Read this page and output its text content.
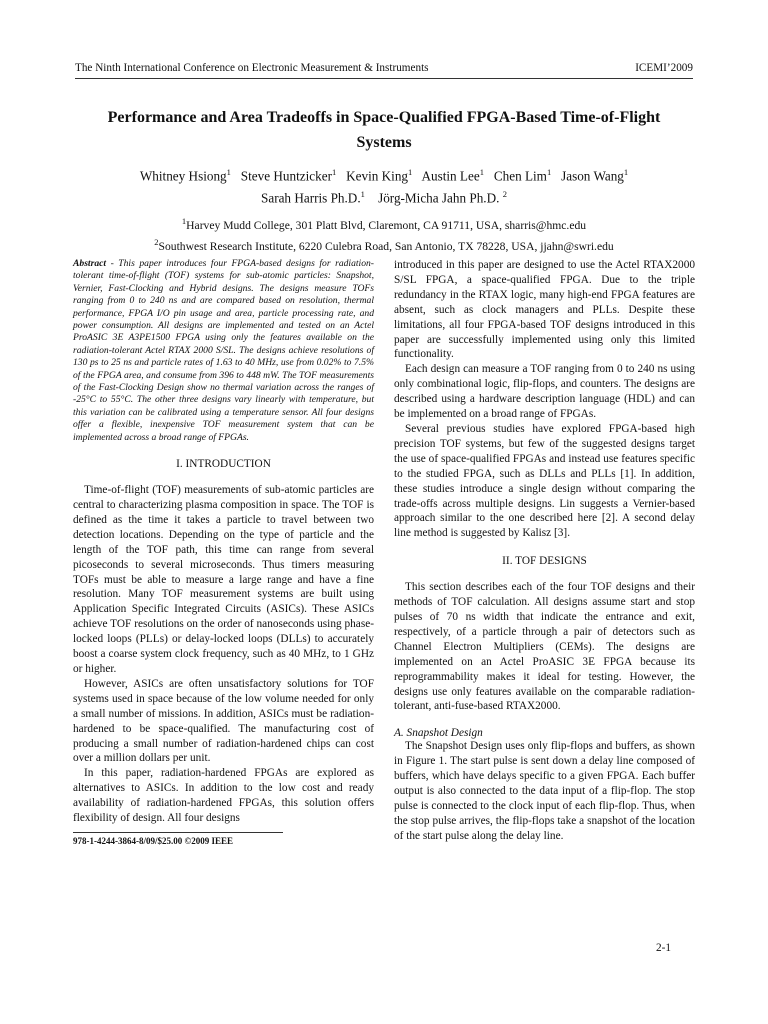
The Ninth International Conference on Electronic Measurement & Instruments	ICEMI’2009
Performance and Area Tradeoffs in Space-Qualified FPGA-Based Time-of-Flight Systems
Whitney Hsiong$^1$ Steve Huntzicker$^1$ Kevin King$^1$ Austin Lee$^1$ Chen Lim$^1$ Jason Wang$^1$
Sarah Harris Ph.D.$^1$ Jörg-Micha Jahn Ph.D. $^2$
$^1$Harvey Mudd College, 301 Platt Blvd, Claremont, CA 91711, USA, sharris@hmc.edu
$^2$Southwest Research Institute, 6220 Culebra Road, San Antonio, TX 78228, USA, jjahn@swri.edu

Abstract - This paper introduces four FPGA-based designs for radiation-tolerant time-of-flight (TOF) systems for sub-atomic particles: Snapshot, Vernier, Fast-Clocking and Hybrid designs. The designs measure TOFs ranging from 0 to 240 ns and are compared based on resolution, thermal performance, FPGA I/O pin usage and area, particle processing rate, and power consumption. All designs are implemented and tested on an Actel ProASIC 3E A3PE1500 FPGA using only the features available on the radiation-tolerant Actel RTAX 2000 S/SL. The designs achieve resolutions of 130 ps to 25 ns and particle rates of 1.63 to 40 MHz, use from 0.02% to 7.5% of the FPGA area, and consume from 396 to 448 mW. The TOF measurements of the Fast-Clocking Design show no thermal variation across the ranges of -25°C to 55°C. The other three designs vary linearly with temperature, but this variation can be calibrated using a temperature sensor. All four designs offer a flexible, inexpensive TOF measurement system that can be implemented across a broad range of FPGAs.

I. INTRODUCTION

Time-of-flight (TOF) measurements of sub-atomic particles are central to characterizing plasma composition in space. The TOF is defined as the time it takes a particle to travel between two detection locations. Depending on the type of particle and the length of the TOF path, this time can range from several picoseconds to several microseconds. Thus timers measuring TOFs must be able to measure a large range and have a fine resolution. Many TOF measurement systems are built using Application Specific Integrated Circuits (ASICs). These ASICs achieve TOF resolutions on the order of nanoseconds using phase-locked loops (PLLs) or delay-locked loops (DLLs) to accurately boost a coarse system clock frequency, such as 40 MHz, to 1 GHz or higher.

However, ASICs are often unsatisfactory solutions for TOF systems used in space because of the low volume needed for only a small number of missions. In addition, ASICs must be radiation-hardened to be space-qualified. The manufacturing cost of producing a small number of radiation-hardened chips can cost over a million dollars per unit.

In this paper, radiation-hardened FPGAs are explored as alternatives to ASICs. In addition to the low cost and ready availability of radiation-hardened FPGAs, this solution offers flexibility of design. All four designs

978-1-4244-3864-8/09/$25.00 ©2009 IEEE

introduced in this paper are designed to use the Actel RTAX2000 S/SL FPGA, a space-qualified FPGA. Due to the triple redundancy in the RTAX logic, many high-end FPGA features are absent, such as clock managers and PLLs. Despite these limitations, all four FPGA-based TOF designs introduced in this paper are successfully implemented using only this limited functionality.

Each design can measure a TOF ranging from 0 to 240 ns using only combinational logic, flip-flops, and counters. The designs are described using a hardware description language (HDL) and can be implemented on a broad range of FPGAs.

Several previous studies have explored FPGA-based high precision TOF systems, but few of the suggested designs target the use of space-qualified FPGAs and instead use features specific to the studied FPGA, such as DLLs and PLLs [1]. In addition, these studies introduce a single design without comparing the trade-offs across multiple designs. Lin suggests a Vernier-based approach similar to the one described here [2]. A second delay line method is suggested by Kalisz [3].

II. TOF DESIGNS

This section describes each of the four TOF designs and their methods of TOF calculation. All designs assume start and stop pulses of 70 ns width that indicate the entrance and exit, respectively, of a particle through a pair of detectors such as Channel Electron Multipliers (CEMs). The designs are implemented on an Actel ProASIC 3E FPGA because its reprogrammability makes it ideal for testing. However, the designs use only features available on the comparable radiation-tolerant, anti-fuse-based RTAX2000.

A. Snapshot Design

The Snapshot Design uses only flip-flops and buffers, as shown in Figure 1. The start pulse is sent down a delay line composed of buffers, which have delays specific to a given FPGA. Each buffer output is also connected to the data input of a flip-flop. The stop pulse is connected to the clock input of each flip-flop. Thus, when the stop pulse arrives, the flip-flops take a snapshot of the location of the start pulse along the delay line.

2-1
